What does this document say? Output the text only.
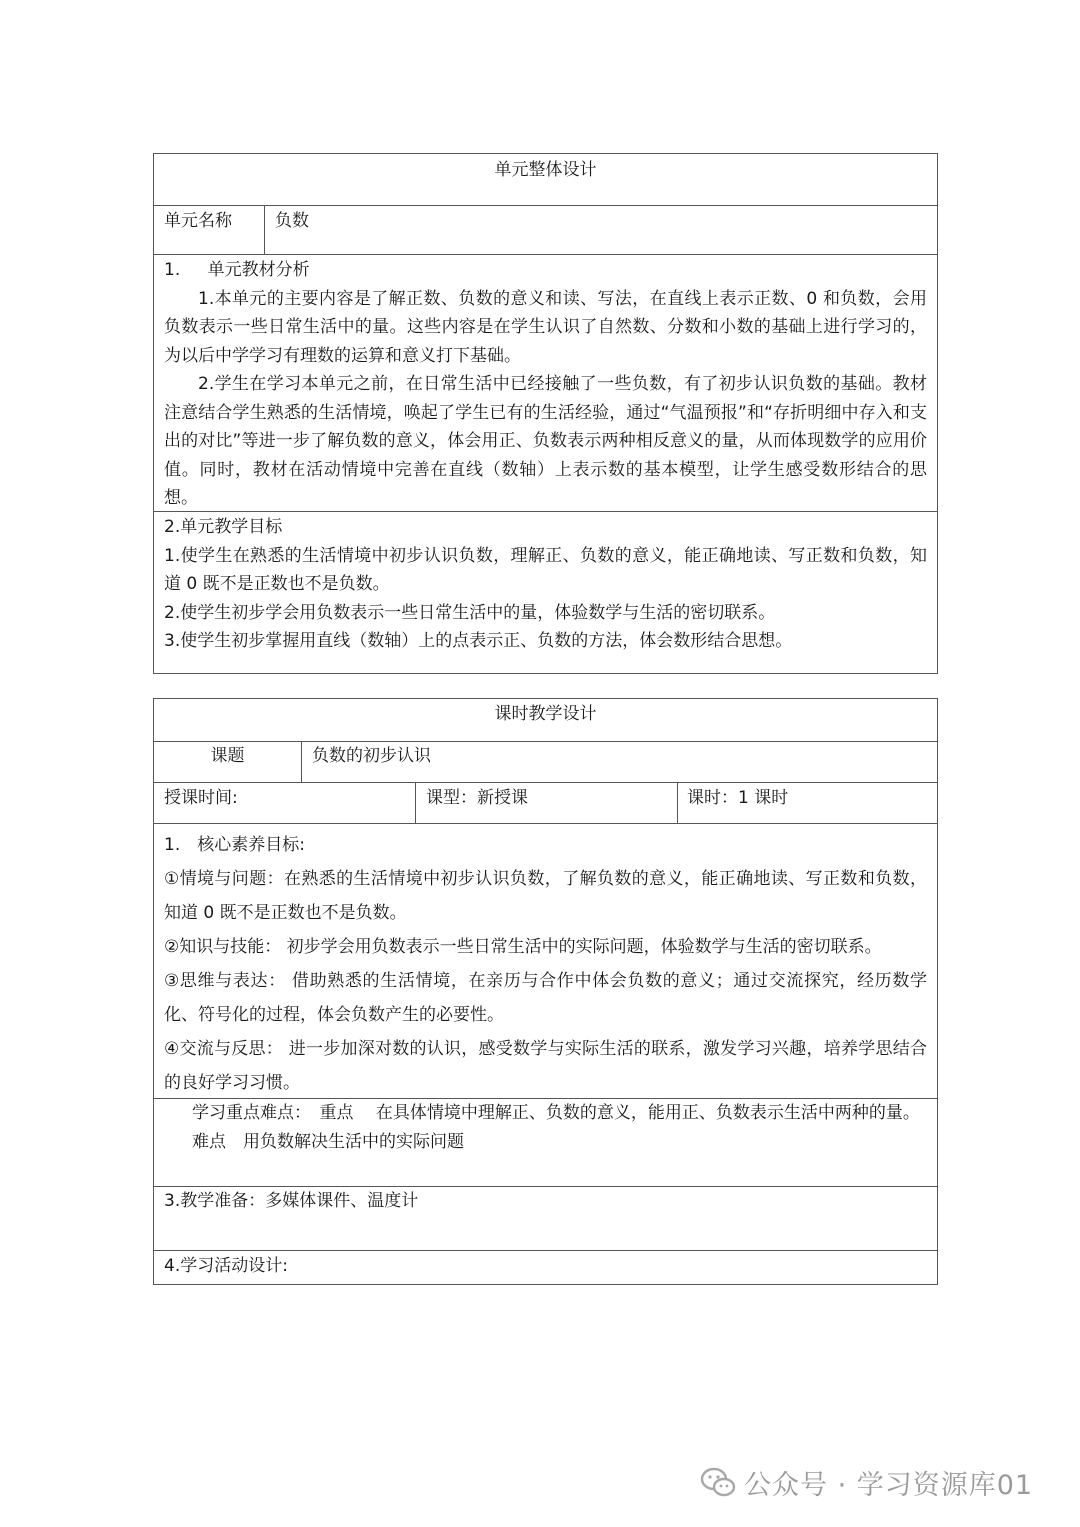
单元整体设计
单元名称	负数

1. 单元教材分析

1.本单元的主要内容是了解正数、负数的意义和读、写法，在直线上表示正数、0 和负数，会用负数表示一些日常生活中的量。这些内容是在学生认识了自然数、分数和小数的基础上进行学习的，为以后中学学习有理数的运算和意义打下基础。

2.学生在学习本单元之前，在日常生活中已经接触了一些负数，有了初步认识负数的基础。教材注意结合学生熟悉的生活情境，唤起了学生已有的生活经验，通过“气温预报”和“存折明细中存入和支出的对比”等进一步了解负数的意义，体会用正、负数表示两种相反意义的量，从而体现数学的应用价值。同时，教材在活动情境中完善在直线（数轴）上表示数的基本模型，让学生感受数形结合的思想。

2.单元教学目标

1.使学生在熟悉的生活情境中初步认识负数，理解正、负数的意义，能正确地读、写正数和负数，知道 0 既不是正数也不是负数。

2.使学生初步学会用负数表示一些日常生活中的量，体验数学与生活的密切联系。

3.使学生初步掌握用直线（数轴）上的点表示正、负数的方法，体会数形结合思想。

课时教学设计
课题	负数的初步认识
授课时间:	课型：新授课	课时：1 课时

1.　核心素养目标:

①情境与问题：在熟悉的生活情境中初步认识负数，了解负数的意义，能正确地读、写正数和负数，知道 0 既不是正数也不是负数。

②知识与技能： 初步学会用负数表示一些日常生活中的实际问题，体验数学与生活的密切联系。

③思维与表达： 借助熟悉的生活情境，在亲历与合作中体会负数的意义；通过交流探究，经历数学化、符号化的过程，体会负数产生的必要性。

④交流与反思： 进一步加深对数的认识，感受数学与实际生活的联系，激发学习兴趣，培养学思结合的良好学习习惯。

学习重点难点：　重点　 在具体情境中理解正、负数的意义，能用正、负数表示生活中两种的量。

难点　用负数解决生活中的实际问题

3.教学准备：多媒体课件、温度计

4.学习活动设计:

公众号 · 学习资源库01
